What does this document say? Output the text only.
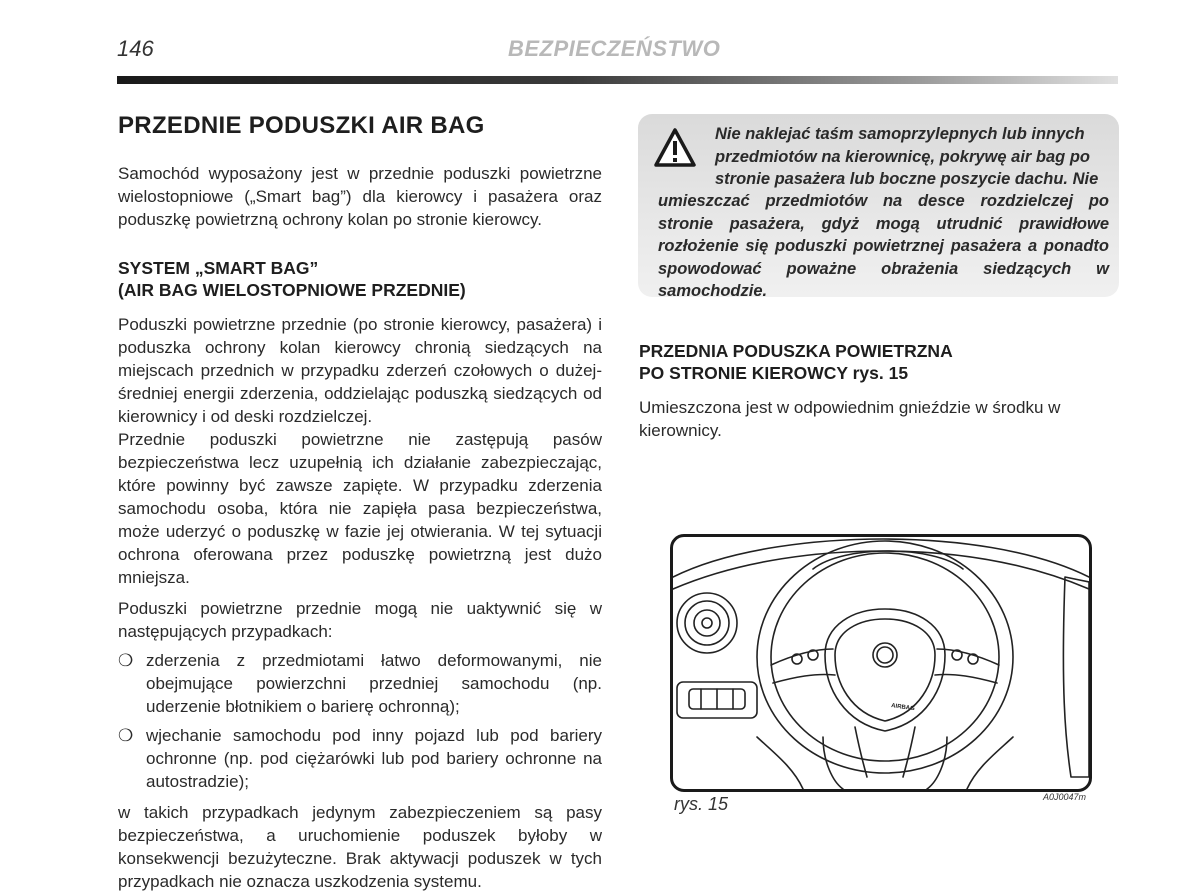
146	BEZPIECZEŃSTWO
PRZEDNIE PODUSZKI AIR BAG

Samochód wyposażony jest w przednie poduszki powietrzne wielostopniowe („Smart bag”) dla kierowcy i pasażera oraz poduszkę powietrzną ochrony kolan po stronie kierowcy.

SYSTEM „SMART BAG”
(AIR BAG WIELOSTOPNIOWE PRZEDNIE)

Poduszki powietrzne przednie (po stronie kierowcy, pasażera) i poduszka ochrony kolan kierowcy chronią siedzących na miejscach przednich w przypadku zderzeń czołowych o dużej-średniej energii zderzenia, oddzielając poduszką siedzących od kierownicy i od deski rozdzielczej.

Przednie poduszki powietrzne nie zastępują pasów bezpieczeństwa lecz uzupełnią ich działanie zabezpieczając, które powinny być zawsze zapięte. W przypadku zderzenia samochodu osoba, która nie zapięła pasa bezpieczeństwa, może uderzyć o poduszkę w fazie jej otwierania. W tej sytuacji ochrona oferowana przez poduszkę powietrzną jest dużo mniejsza.

Poduszki powietrzne przednie mogą nie uaktywnić się w następujących przypadkach:

❍ zderzenia z przedmiotami łatwo deformowanymi, nie obejmujące powierzchni przedniej samochodu (np. uderzenie błotnikiem o barierę ochronną);
❍ wjechanie samochodu pod inny pojazd lub pod bariery ochronne (np. pod ciężarówki lub pod bariery ochronne na autostradzie);

w takich przypadkach jedynym zabezpieczeniem są pasy bezpieczeństwa, a uruchomienie poduszek byłoby w konsekwencji bezużyteczne. Brak aktywacji poduszek w tych przypadkach nie oznacza uszkodzenia systemu.

Nie naklejać taśm samoprzylepnych lub innych przedmiotów na kierownicę, pokrywę air bag po stronie pasażera lub boczne poszycie dachu. Nie
umieszczać przedmiotów na desce rozdzielczej po stronie pasażera, gdyż mogą utrudnić prawidłowe rozłożenie się poduszki powietrznej pasażera a ponadto spowodować poważne obrażenia siedzących w samochodzie.
PRZEDNIA PODUSZKA POWIETRZNA
PO STRONIE KIEROWCY rys. 15

Umieszczona jest w odpowiednim gnieździe w środku w kierownicy.

AIRBAG
rys. 15	A0J0047m
